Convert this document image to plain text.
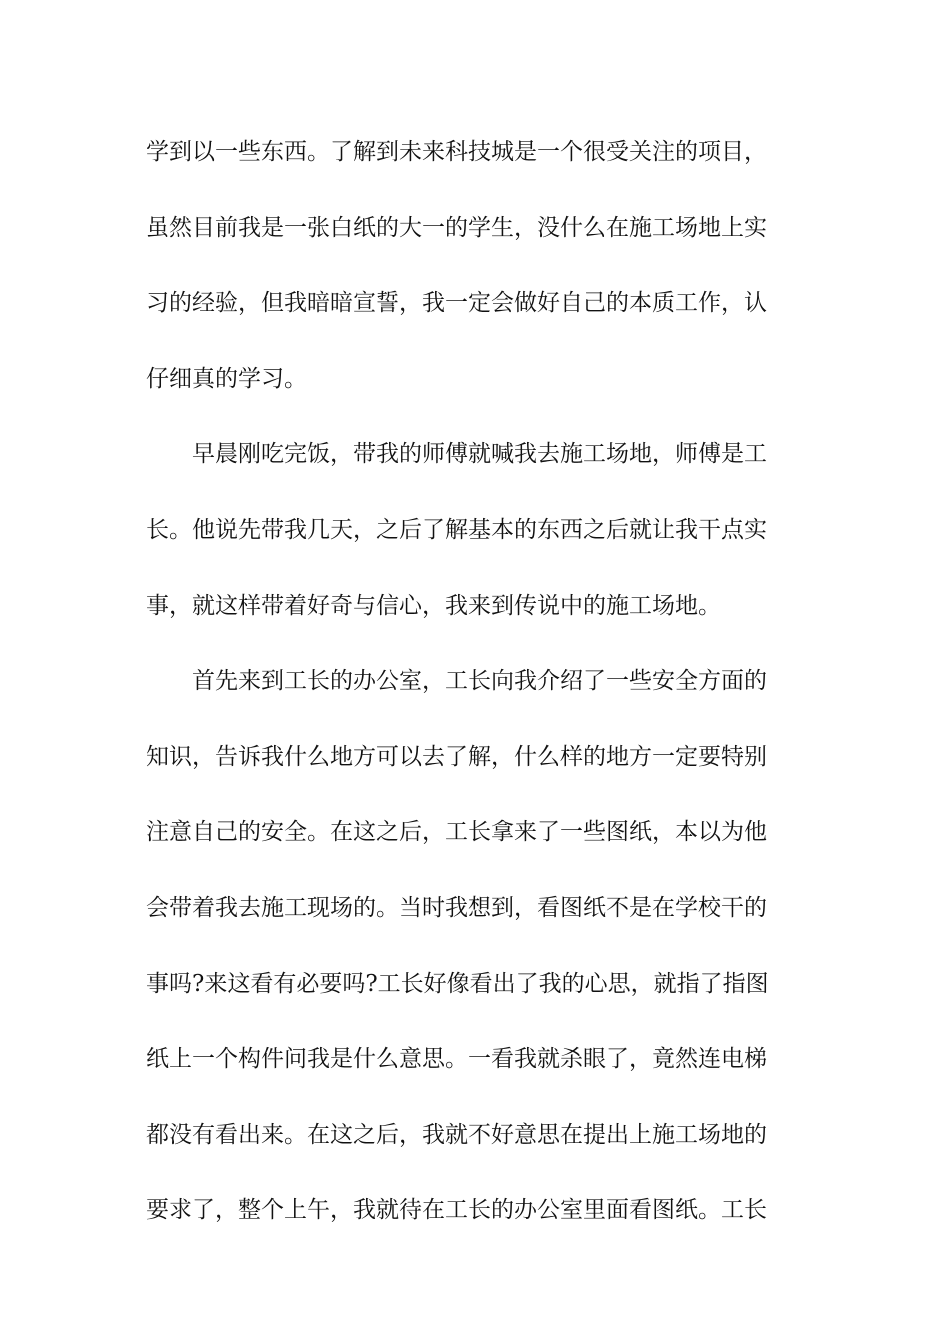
学到以一些东西。了解到未来科技城是一个很受关注的项目，
虽然目前我是一张白纸的大一的学生，没什么在施工场地上实
习的经验，但我暗暗宣誓，我一定会做好自己的本质工作，认
仔细真的学习。
早晨刚吃完饭，带我的师傅就喊我去施工场地，师傅是工
长。他说先带我几天，之后了解基本的东西之后就让我干点实
事，就这样带着好奇与信心，我来到传说中的施工场地。
首先来到工长的办公室，工长向我介绍了一些安全方面的
知识，告诉我什么地方可以去了解，什么样的地方一定要特别
注意自己的安全。在这之后，工长拿来了一些图纸，本以为他
会带着我去施工现场的。当时我想到，看图纸不是在学校干的
事吗?来这看有必要吗?工长好像看出了我的心思，就指了指图
纸上一个构件问我是什么意思。一看我就杀眼了，竟然连电梯
都没有看出来。在这之后，我就不好意思在提出上施工场地的
要求了，整个上午，我就待在工长的办公室里面看图纸。工长
